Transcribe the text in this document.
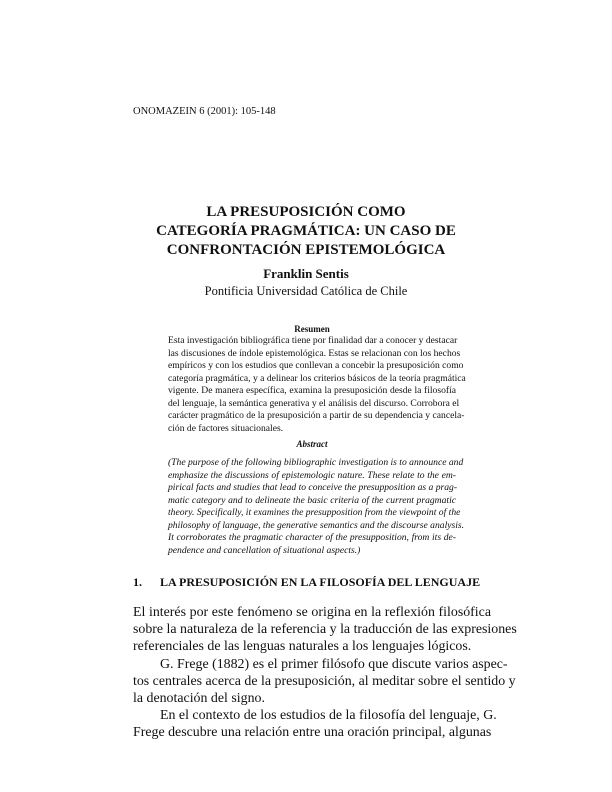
ONOMAZEIN 6 (2001): 105-148
LA PRESUPOSICIÓN COMO
CATEGORÍA PRAGMÁTICA: UN CASO DE
CONFRONTACIÓN EPISTEMOLÓGICA
Franklin Sentis
Pontificia Universidad Católica de Chile
Resumen
Esta investigación bibliográfica tiene por finalidad dar a conocer y destacar
las discusiones de índole epistemológica. Estas se relacionan con los hechos
empíricos y con los estudios que conllevan a concebir la presuposición como
categoría pragmática, y a delinear los criterios básicos de la teoría pragmática
vigente. De manera específica, examina la presuposición desde la filosofía
del lenguaje, la semántica generativa y el análisis del discurso. Corrobora el
carácter pragmático de la presuposición a partir de su dependencia y cancela-
ción de factores situacionales.
Abstract
(The purpose of the following bibliographic investigation is to announce and
emphasize the discussions of epistemologic nature. These relate to the em-
pirical facts and studies that lead to conceive the presupposition as a prag-
matic category and to delineate the basic criteria of the current pragmatic
theory. Specifically, it examines the presupposition from the viewpoint of the
philosophy of language, the generative semantics and the discourse analysis.
It corroborates the pragmatic character of the presupposition, from its de-
pendence and cancellation of situational aspects.)
1. LA PRESUPOSICIÓN EN LA FILOSOFÍA DEL LENGUAJE
El interés por este fenómeno se origina en la reflexión filosófica
sobre la naturaleza de la referencia y la traducción de las expresiones
referenciales de las lenguas naturales a los lenguajes lógicos.
G. Frege (1882) es el primer filósofo que discute varios aspec-
tos centrales acerca de la presuposición, al meditar sobre el sentido y
la denotación del signo.
En el contexto de los estudios de la filosofía del lenguaje, G.
Frege descubre una relación entre una oración principal, algunas
